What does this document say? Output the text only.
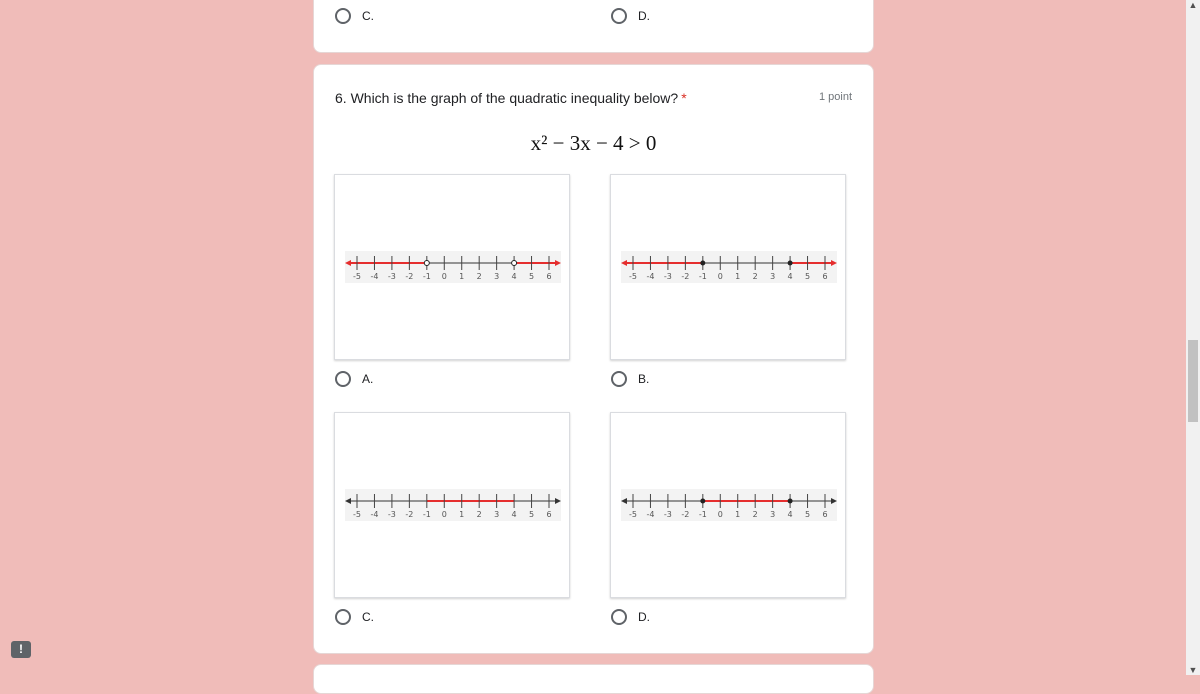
C.	D.
6. Which is the graph of the quadratic inequality below? *	1 point
x² − 3x − 4 > 0
-5 -4 -3 -2 -1 0 1 2 3 4 5 6	-5 -4 -3 -2 -1 0 1 2 3 4 5 6
-5 -4 -3 -2 -1 0 1 2 3 4 5 6	-5 -4 -3 -2 -1 0 1 2 3 4 5 6
A.	B.
C.	D.
!
▲
▼
